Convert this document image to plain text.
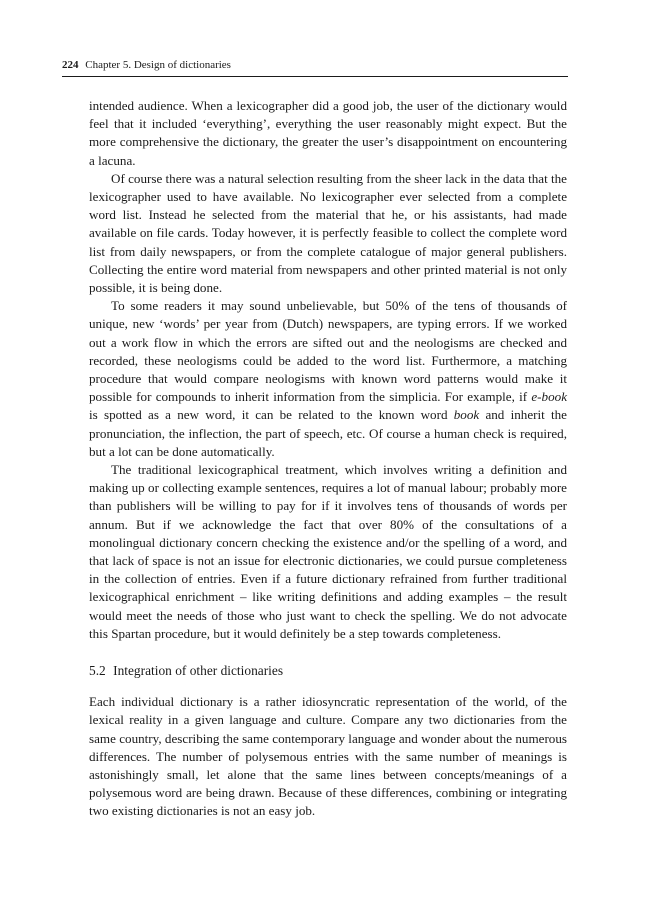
224 Chapter 5. Design of dictionaries

intended audience. When a lexicographer did a good job, the user of the dictionary would feel that it included ‘everything’, everything the user reasonably might expect. But the more comprehensive the dictionary, the greater the user’s disappointment on encountering a lacuna.

Of course there was a natural selection resulting from the sheer lack in the data that the lexicographer used to have available. No lexicographer ever selected from a complete word list. Instead he selected from the material that he, or his assistants, had made available on file cards. Today however, it is perfectly feasible to collect the complete word list from daily newspapers, or from the complete catalogue of major general publishers. Collecting the entire word material from newspapers and other printed material is not only possible, it is being done.

To some readers it may sound unbelievable, but 50% of the tens of thousands of unique, new ‘words’ per year from (Dutch) newspapers, are typing errors. If we worked out a work flow in which the errors are sifted out and the neologisms are checked and recorded, these neologisms could be added to the word list. Furthermore, a matching procedure that would compare neologisms with known word patterns would make it possible for compounds to inherit information from the simplicia. For example, if e-book is spotted as a new word, it can be related to the known word book and inherit the pronunciation, the inflection, the part of speech, etc. Of course a human check is required, but a lot can be done automatically.

The traditional lexicographical treatment, which involves writing a definition and making up or collecting example sentences, requires a lot of manual labour; probably more than publishers will be willing to pay for if it involves tens of thousands of words per annum. But if we acknowledge the fact that over 80% of the consultations of a monolingual dictionary concern checking the existence and/or the spelling of a word, and that lack of space is not an issue for electronic dictionaries, we could pursue completeness in the collection of entries. Even if a future dictionary refrained from further traditional lexicographical enrichment – like writing definitions and adding examples – the result would meet the needs of those who just want to check the spelling. We do not advocate this Spartan procedure, but it would definitely be a step towards completeness.

5.2 Integration of other dictionaries

Each individual dictionary is a rather idiosyncratic representation of the world, of the lexical reality in a given language and culture. Compare any two dictionaries from the same country, describing the same contemporary language and wonder about the numerous differences. The number of polysemous entries with the same number of meanings is astonishingly small, let alone that the same lines between concepts/meanings of a polysemous word are being drawn. Because of these differences, combining or integrating two existing dictionaries is not an easy job.
